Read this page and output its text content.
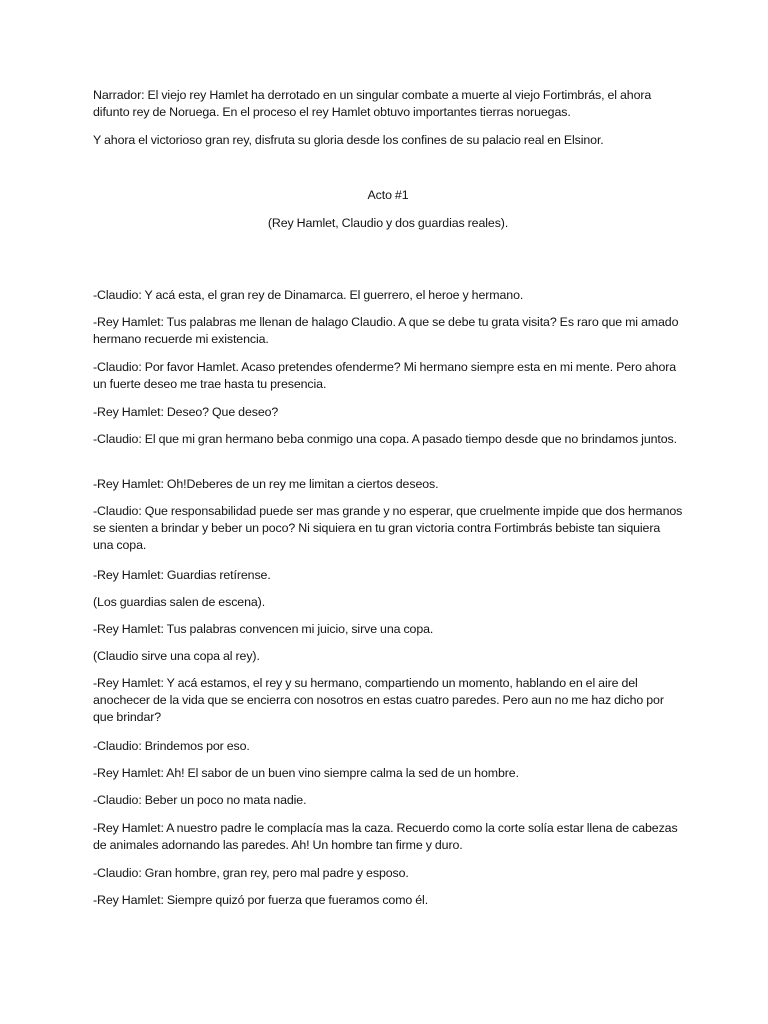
Narrador: El viejo rey Hamlet ha derrotado en un singular combate a muerte al viejo Fortimbrás, el ahora difunto rey de Noruega. En el proceso el rey Hamlet obtuvo importantes tierras noruegas.

Y ahora el victorioso gran rey, disfruta su gloria desde los confines de su palacio real en Elsinor.

Acto #1

(Rey Hamlet, Claudio y dos guardias reales).

-Claudio: Y acá esta, el gran rey de Dinamarca. El guerrero, el heroe y hermano.

-Rey Hamlet: Tus palabras me llenan de halago Claudio. A que se debe tu grata visita? Es raro que mi amado hermano recuerde mi existencia.

-Claudio: Por favor Hamlet. Acaso pretendes ofenderme? Mi hermano siempre esta en mi mente. Pero ahora un fuerte deseo me trae hasta tu presencia.

-Rey Hamlet: Deseo? Que deseo?

-Claudio: El que mi gran hermano beba conmigo una copa. A pasado tiempo desde que no brindamos juntos.

-Rey Hamlet: Oh!Deberes de un rey me limitan a ciertos deseos.

-Claudio: Que responsabilidad puede ser mas grande y no esperar, que cruelmente impide que dos hermanos se sienten a brindar y beber un poco? Ni siquiera en tu gran victoria contra Fortimbrás bebiste tan siquiera una copa.

-Rey Hamlet: Guardias retírense.

(Los guardias salen de escena).

-Rey Hamlet: Tus palabras convencen mi juicio, sirve una copa.

(Claudio sirve una copa al rey).

-Rey Hamlet: Y acá estamos, el rey y su hermano, compartiendo un momento, hablando en el aire del anochecer de la vida que se encierra con nosotros en estas cuatro paredes. Pero aun no me haz dicho por que brindar?

-Claudio: Brindemos por eso.

-Rey Hamlet: Ah! El sabor de un buen vino siempre calma la sed de un hombre.

-Claudio: Beber un poco no mata nadie.

-Rey Hamlet: A nuestro padre le complacía mas la caza. Recuerdo como la corte solía estar llena de cabezas de animales adornando las paredes. Ah! Un hombre tan firme y duro.

-Claudio: Gran hombre, gran rey, pero mal padre y esposo.

-Rey Hamlet: Siempre quizó por fuerza que fueramos como él.
